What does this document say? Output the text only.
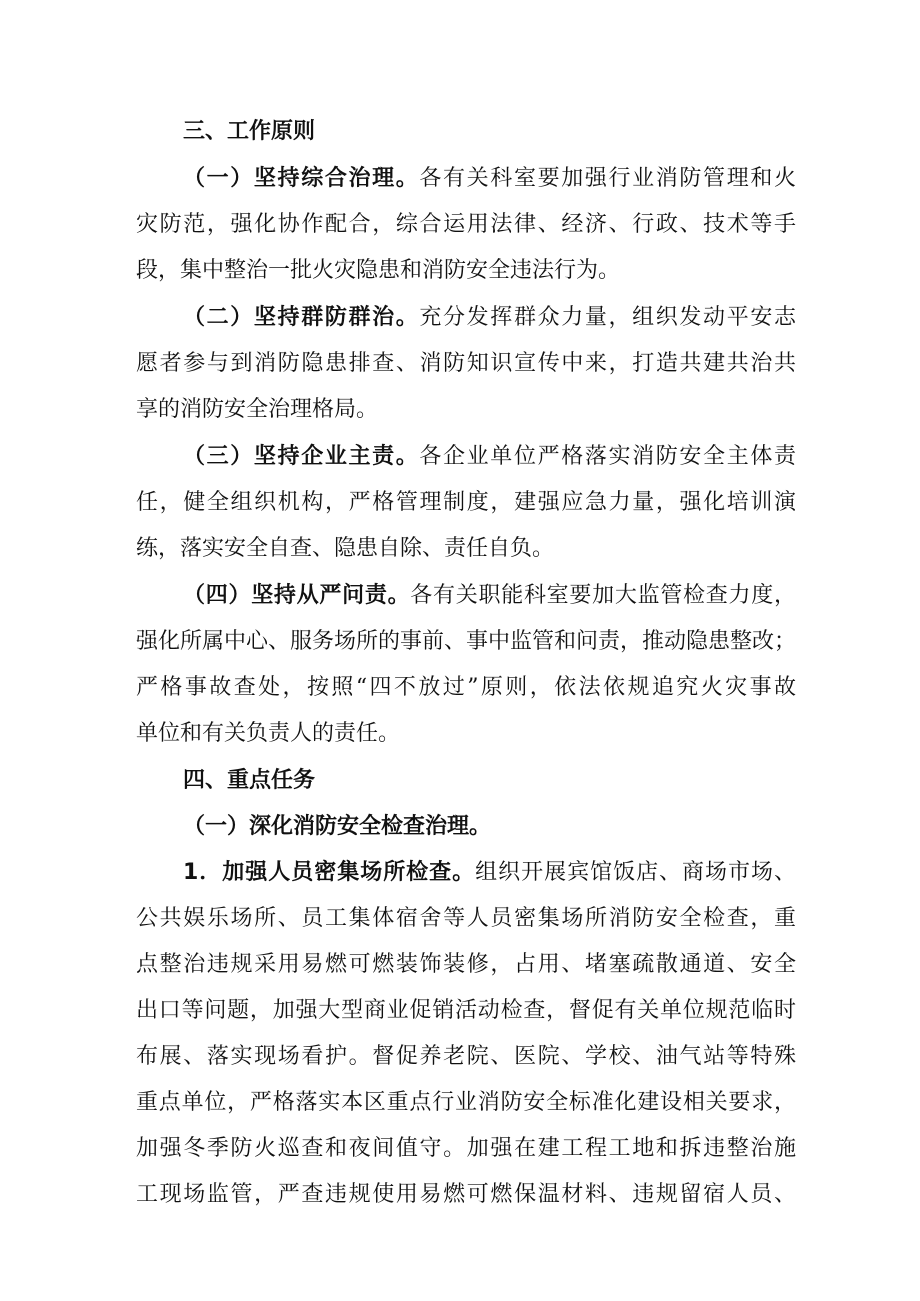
三、工作原则
（一）坚持综合治理。各有关科室要加强行业消防管理和火
灾防范，强化协作配合，综合运用法律、经济、行政、技术等手
段，集中整治一批火灾隐患和消防安全违法行为。
（二）坚持群防群治。充分发挥群众力量，组织发动平安志
愿者参与到消防隐患排查、消防知识宣传中来，打造共建共治共
享的消防安全治理格局。
（三）坚持企业主责。各企业单位严格落实消防安全主体责
任，健全组织机构，严格管理制度，建强应急力量，强化培训演
练，落实安全自查、隐患自除、责任自负。
（四）坚持从严问责。各有关职能科室要加大监管检查力度，
强化所属中心、服务场所的事前、事中监管和问责，推动隐患整改；
严格事故查处，按照“四不放过”原则，依法依规追究火灾事故
单位和有关负责人的责任。
四、重点任务
（一）深化消防安全检查治理。
1．加强人员密集场所检查。组织开展宾馆饭店、商场市场、
公共娱乐场所、员工集体宿舍等人员密集场所消防安全检查，重
点整治违规采用易燃可燃装饰装修，占用、堵塞疏散通道、安全
出口等问题，加强大型商业促销活动检查，督促有关单位规范临时
布展、落实现场看护。督促养老院、医院、学校、油气站等特殊
重点单位，严格落实本区重点行业消防安全标准化建设相关要求，
加强冬季防火巡查和夜间值守。加强在建工程工地和拆违整治施
工现场监管，严查违规使用易燃可燃保温材料、违规留宿人员、
